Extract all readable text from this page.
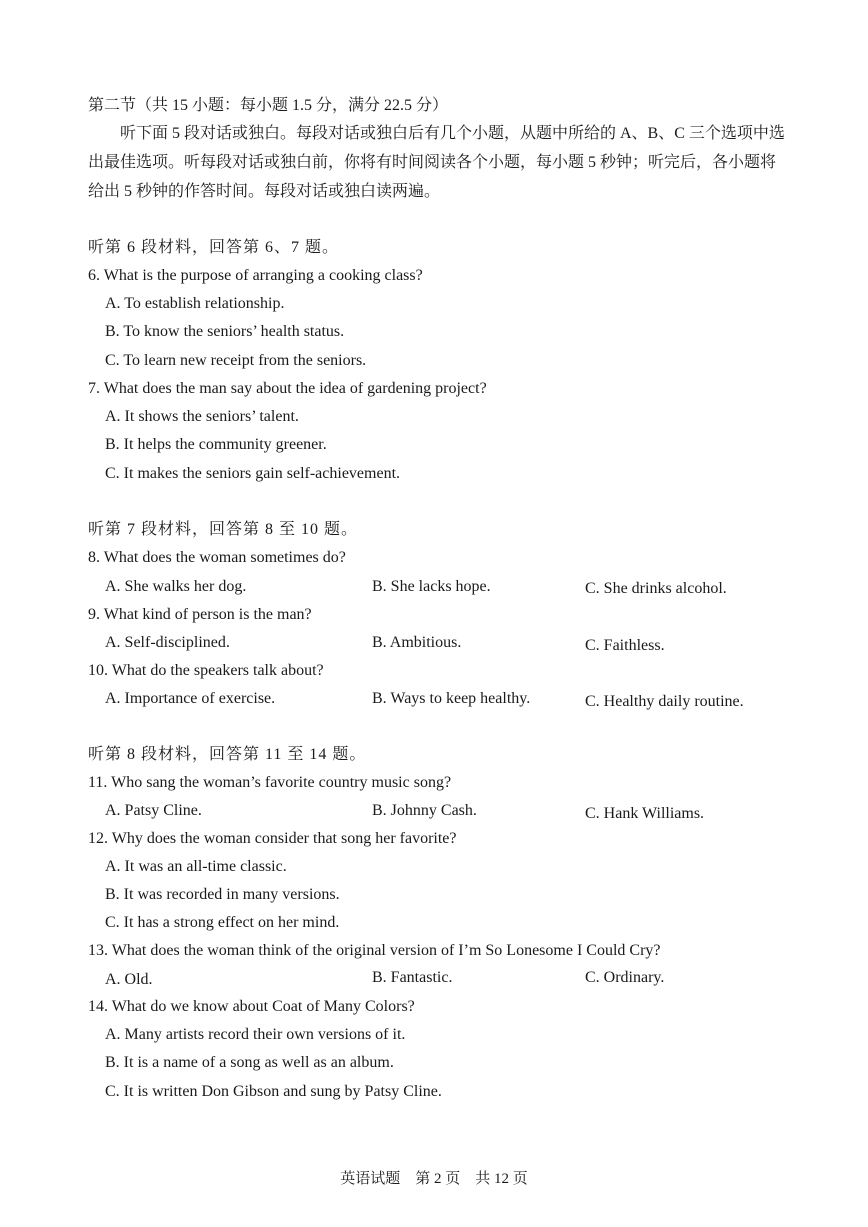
第二节（共 15 小题：每小题 1.5 分，满分 22.5 分）
听下面 5 段对话或独白。每段对话或独白后有几个小题，从题中所给的 A、B、C 三个选项中选出最佳选项。听每段对话或独白前，你将有时间阅读各个小题，每小题 5 秒钟；听完后，各小题将给出 5 秒钟的作答时间。每段对话或独白读两遍。
听第 6 段材料，回答第 6、7 题。
6. What is the purpose of arranging a cooking class?
A. To establish relationship.
B. To know the seniors’ health status.
C. To learn new receipt from the seniors.
7. What does the man say about the idea of gardening project?
A. It shows the seniors’ talent.
B. It helps the community greener.
C. It makes the seniors gain self-achievement.
听第 7 段材料，回答第 8 至 10 题。
8. What does the woman sometimes do?
A. She walks her dog.	B. She lacks hope.	C. She drinks alcohol.
9. What kind of person is the man?
A. Self-disciplined.	B. Ambitious.	C. Faithless.
10. What do the speakers talk about?
A. Importance of exercise.	B. Ways to keep healthy.	C. Healthy daily routine.
听第 8 段材料，回答第 11 至 14 题。
11. Who sang the woman’s favorite country music song?
A. Patsy Cline.	B. Johnny Cash.	C. Hank Williams.
12. Why does the woman consider that song her favorite?
A. It was an all-time classic.
B. It was recorded in many versions.
C. It has a strong effect on her mind.
13. What does the woman think of the original version of I’m So Lonesome I Could Cry?
A. Old.	B. Fantastic.	C. Ordinary.
14. What do we know about Coat of Many Colors?
A. Many artists record their own versions of it.
B. It is a name of a song as well as an album.
C. It is written Don Gibson and sung by Patsy Cline.
英语试题　第 2 页　共 12 页
